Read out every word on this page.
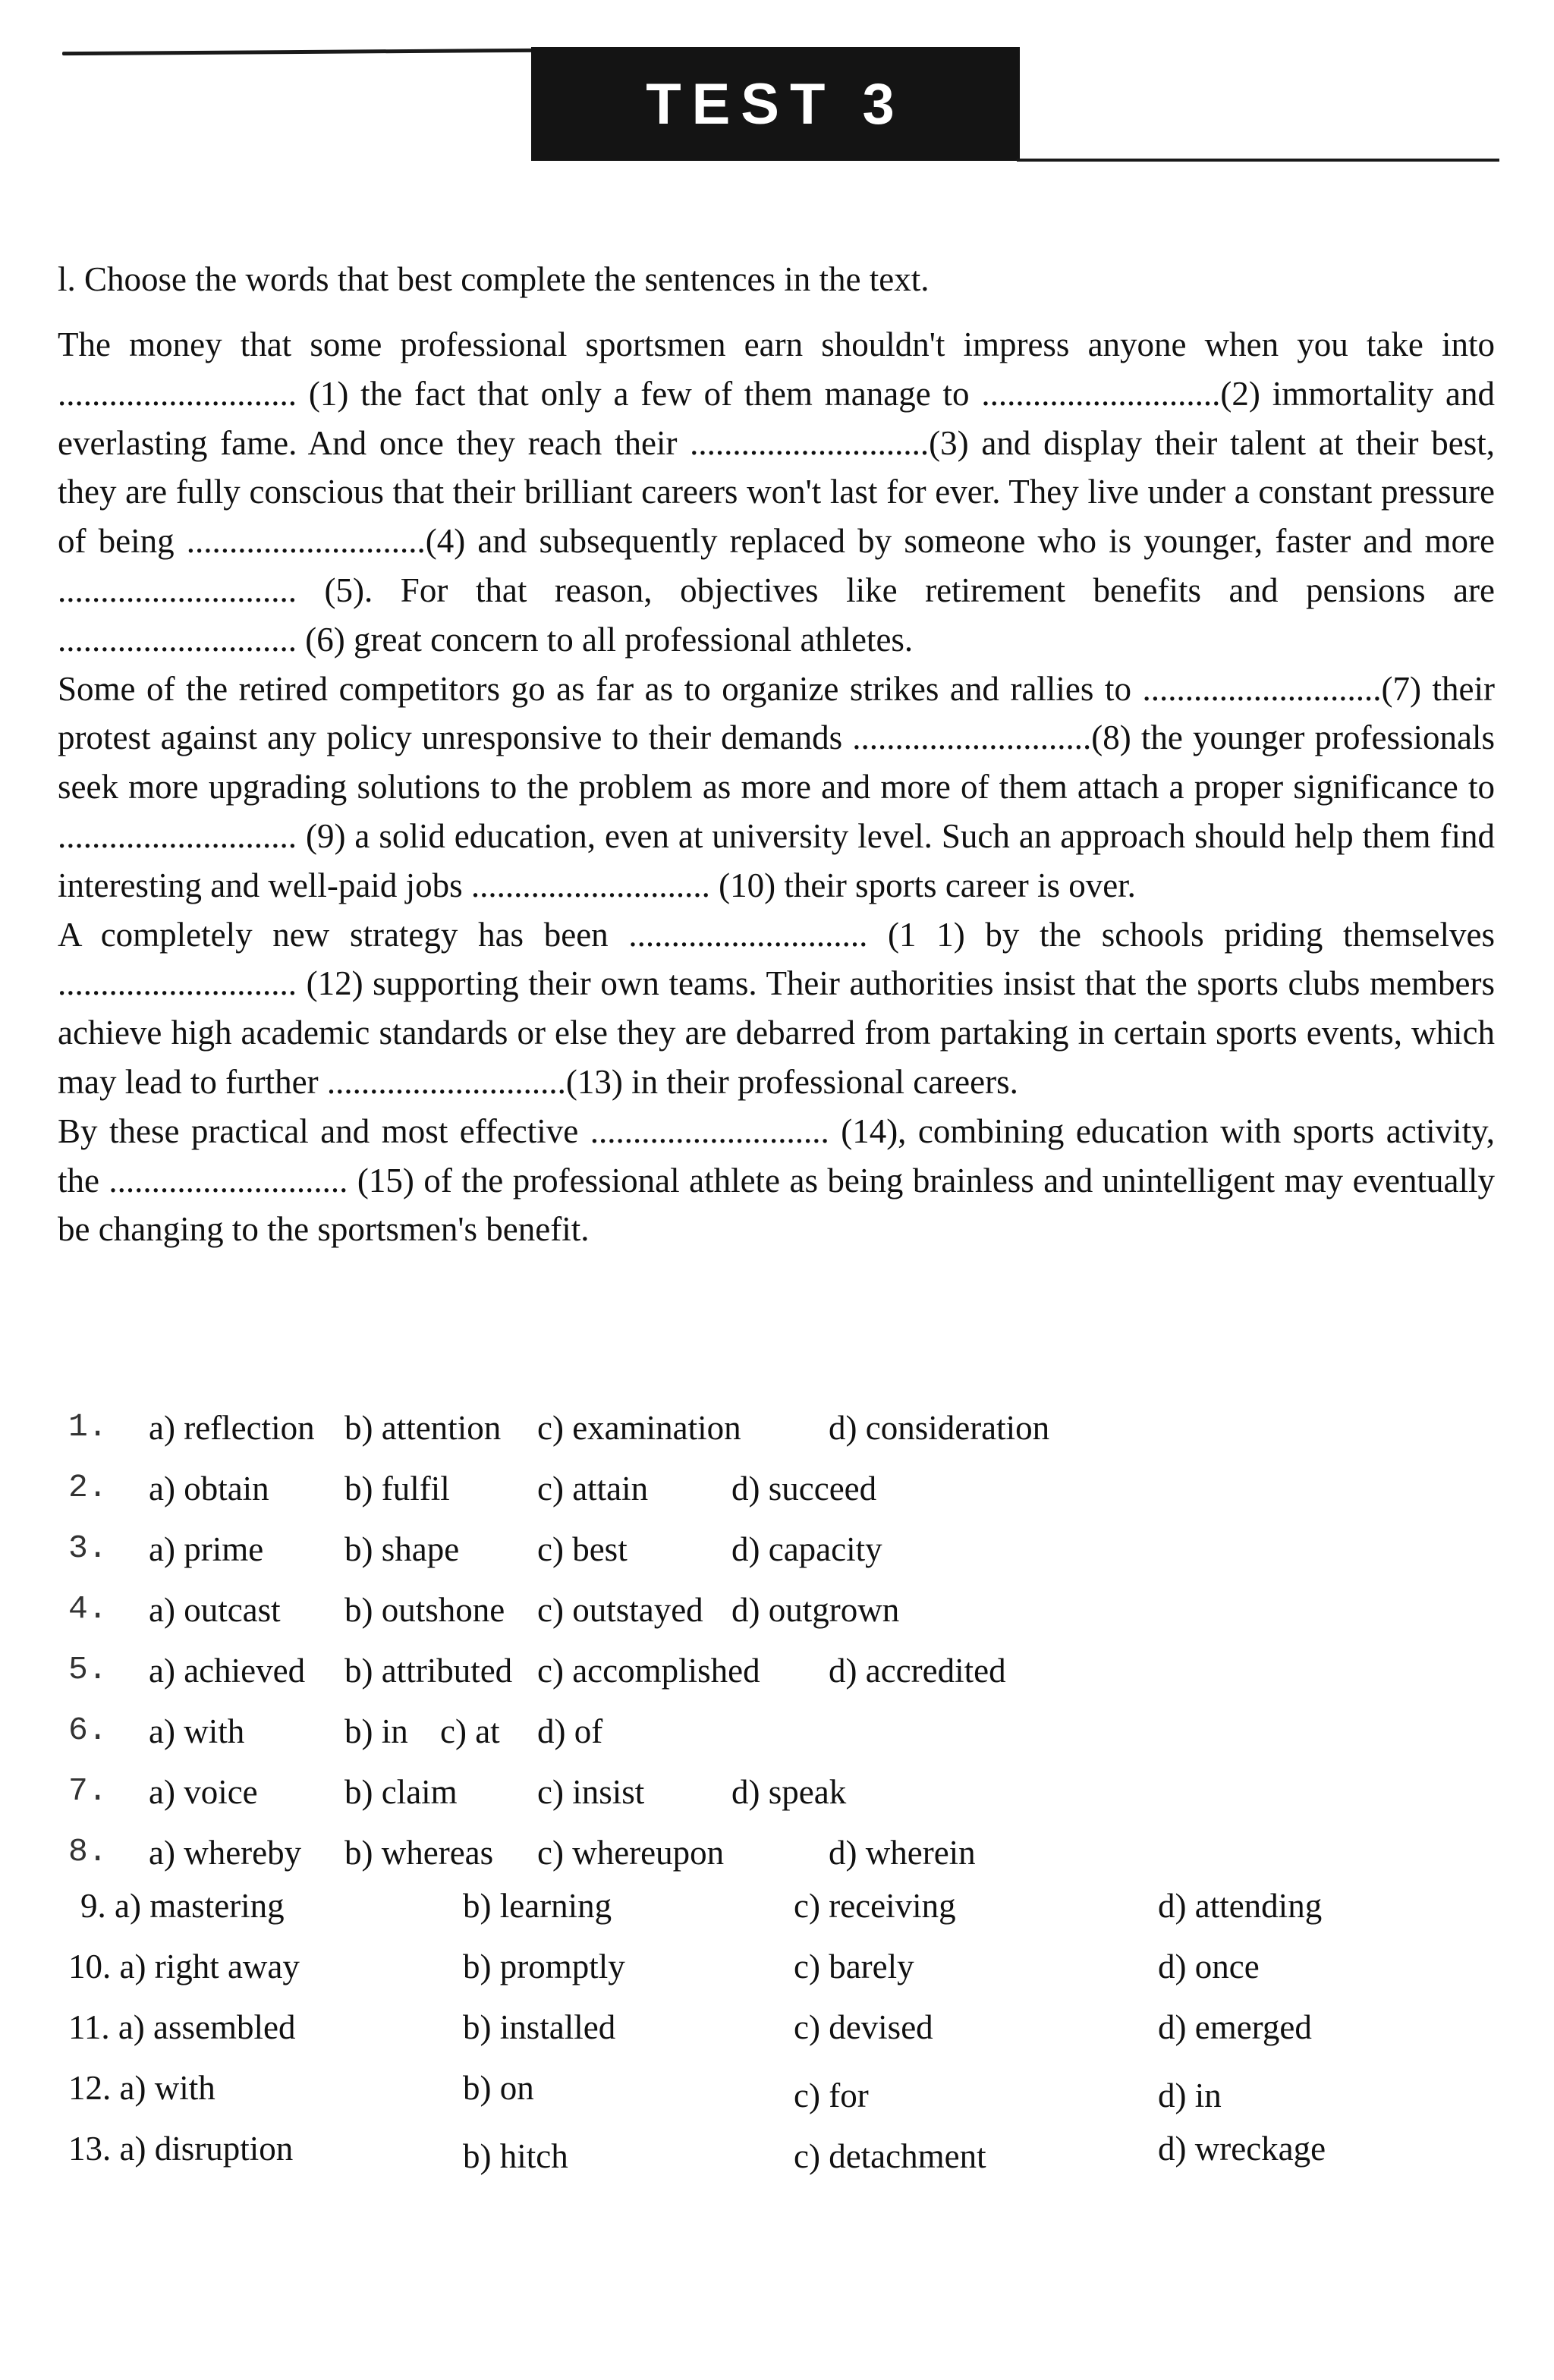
TEST 3
l. Choose the words that best complete the sentences in the text.

The money that some professional sportsmen earn shouldn't impress anyone when you take into ............................ (1) the fact that only a few of them manage to ............................(2) immortality and everlasting fame. And once they reach their ............................(3) and display their talent at their best, they are fully conscious that their brilliant careers won't last for ever. They live under a constant pressure of being ............................(4) and subsequently replaced by someone who is younger, faster and more ............................ (5). For that reason, objectives like retirement benefits and pensions are ............................ (6) great concern to all professional athletes.

Some of the retired competitors go as far as to organize strikes and rallies to ............................(7) their protest against any policy unresponsive to their demands ............................(8) the younger professionals seek more upgrading solutions to the problem as more and more of them attach a proper significance to ............................ (9) a solid education, even at university level. Such an approach should help them find interesting and well-paid jobs ............................ (10) their sports career is over.

A completely new strategy has been ............................ (1 1) by the schools priding themselves ............................ (12) supporting their own teams. Their authorities insist that the sports clubs members achieve high academic standards or else they are debarred from partaking in certain sports events, which may lead to further ............................(13) in their professional careers.

By these practical and most effective ............................ (14), combining education with sports activity, the ............................ (15) of the professional athlete as being brainless and unintelligent may eventually be changing to the sportsmen's benefit.

1. a) reflection b) attention c) examination	d) consideration
2. a) obtain b) fulfil	c) attain d) succeed
3. a) prime b) shape c) best	d) capacity
4. a) outcast b) outshone c) outstayed d) outgrown
5. a) achieved b) attributed c) accomplished d) accredited
6. a) with	b) in c) at d) of
7. a) voice	b) claim c) insist	d) speak
8. a) whereby b) whereas c) whereupon	d) wherein
9. a) mastering	b) learning	c) receiving	d) attending
10. a) right away	b) promptly	c) barely	d) once
11. a) assembled	b) installed	c) devised	d) emerged
12. a) with	b) on	c) for	d) in
13. a) disruption	b) hitch	c) detachment	d) wreckage
